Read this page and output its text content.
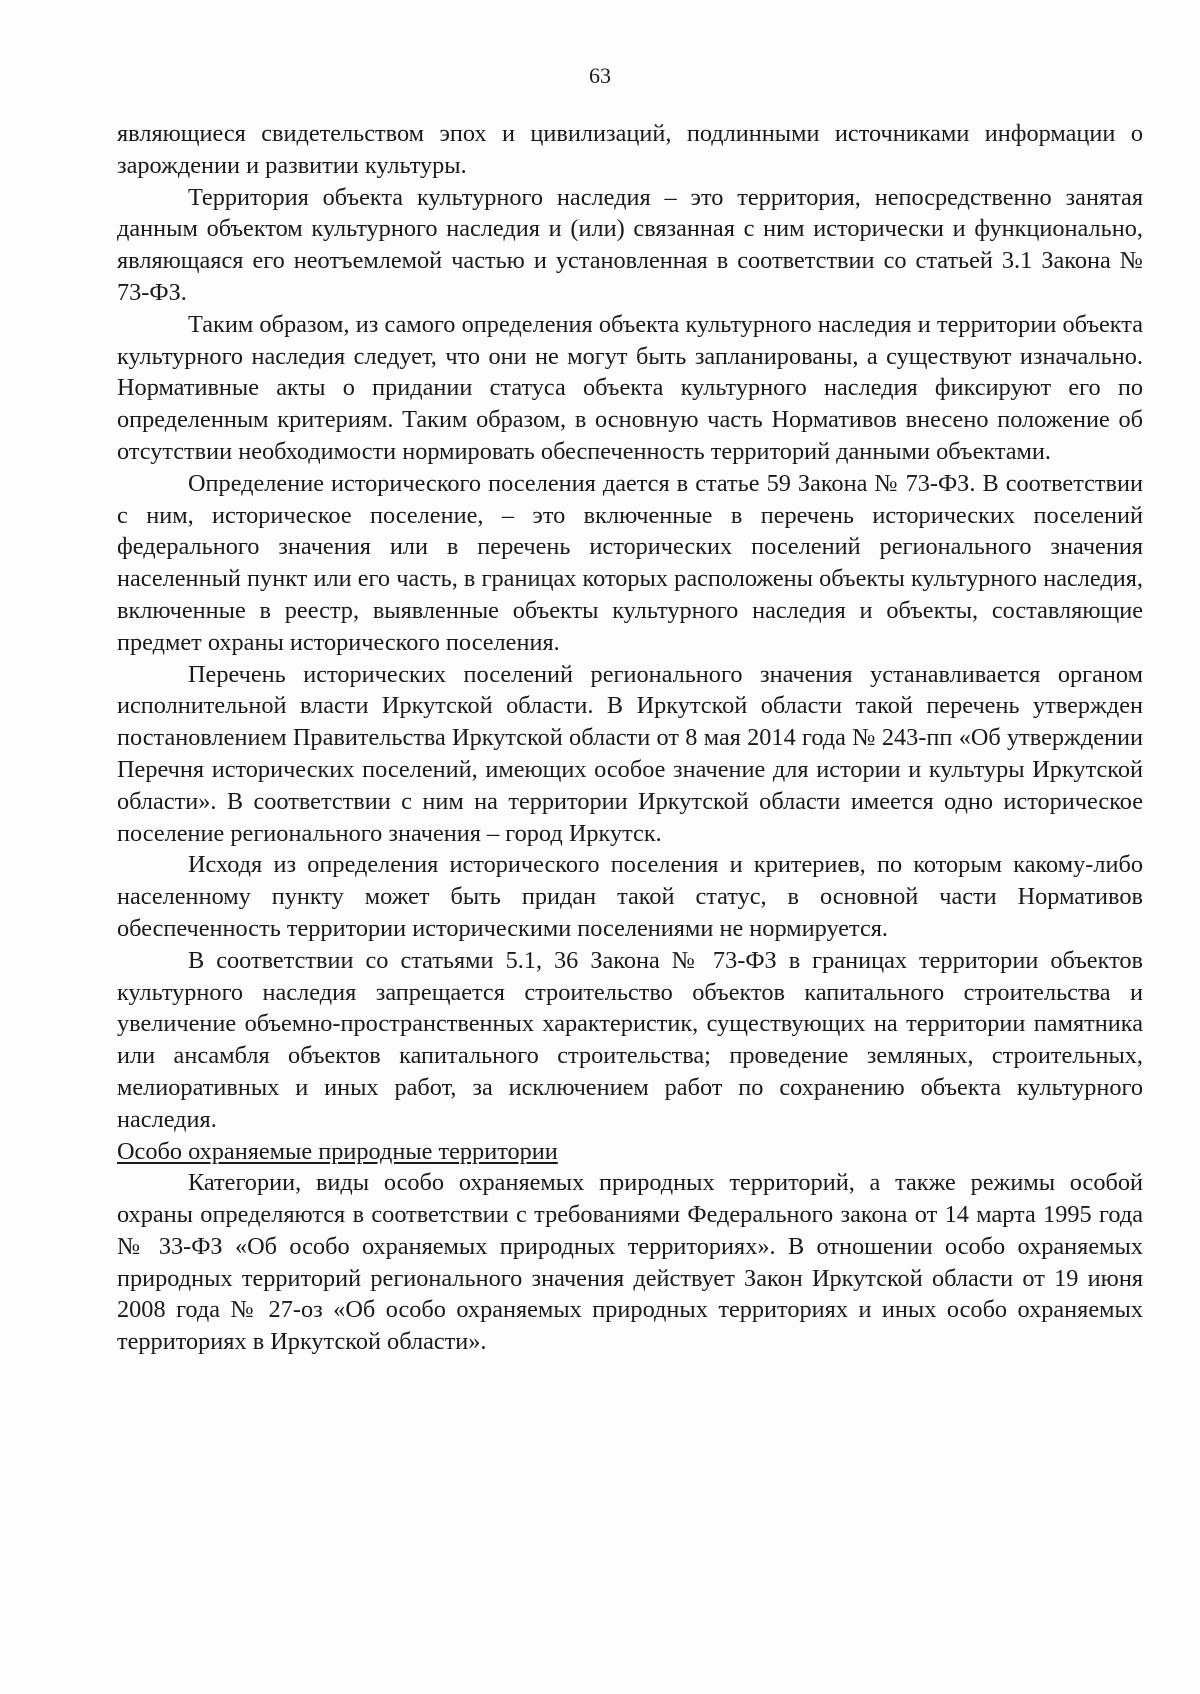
63

являющиеся свидетельством эпох и цивилизаций, подлинными источниками информации о зарождении и развитии культуры.

Территория объекта культурного наследия – это территория, непосредственно занятая данным объектом культурного наследия и (или) связанная с ним исторически и функционально, являющаяся его неотъемлемой частью и установленная в соответствии со статьей 3.1 Закона № 73-ФЗ.

Таким образом, из самого определения объекта культурного наследия и территории объекта культурного наследия следует, что они не могут быть запланированы, а существуют изначально. Нормативные акты о придании статуса объекта культурного наследия фиксируют его по определенным критериям. Таким образом, в основную часть Нормативов внесено положение об отсутствии необходимости нормировать обеспеченность территорий данными объектами.

Определение исторического поселения дается в статье 59 Закона № 73-ФЗ. В соответствии с ним, историческое поселение, – это включенные в перечень исторических поселений федерального значения или в перечень исторических поселений регионального значения населенный пункт или его часть, в границах которых расположены объекты культурного наследия, включенные в реестр, выявленные объекты культурного наследия и объекты, составляющие предмет охраны исторического поселения.

Перечень исторических поселений регионального значения устанавливается органом исполнительной власти Иркутской области. В Иркутской области такой перечень утвержден постановлением Правительства Иркутской области от 8 мая 2014 года № 243-пп «Об утверждении Перечня исторических поселений, имеющих особое значение для истории и культуры Иркутской области». В соответствии с ним на территории Иркутской области имеется одно историческое поселение регионального значения – город Иркутск.

Исходя из определения исторического поселения и критериев, по которым какому-либо населенному пункту может быть придан такой статус, в основной части Нормативов обеспеченность территории историческими поселениями не нормируется.

В соответствии со статьями 5.1, 36 Закона № 73-ФЗ в границах территории объектов культурного наследия запрещается строительство объектов капитального строительства и увеличение объемно-пространственных характеристик, существующих на территории памятника или ансамбля объектов капитального строительства; проведение земляных, строительных, мелиоративных и иных работ, за исключением работ по сохранению объекта культурного наследия.

Особо охраняемые природные территории

Категории, виды особо охраняемых природных территорий, а также режимы особой охраны определяются в соответствии с требованиями Федерального закона от 14 марта 1995 года № 33-ФЗ «Об особо охраняемых природных территориях». В отношении особо охраняемых природных территорий регионального значения действует Закон Иркутской области от 19 июня 2008 года № 27-оз «Об особо охраняемых природных территориях и иных особо охраняемых территориях в Иркутской области».
